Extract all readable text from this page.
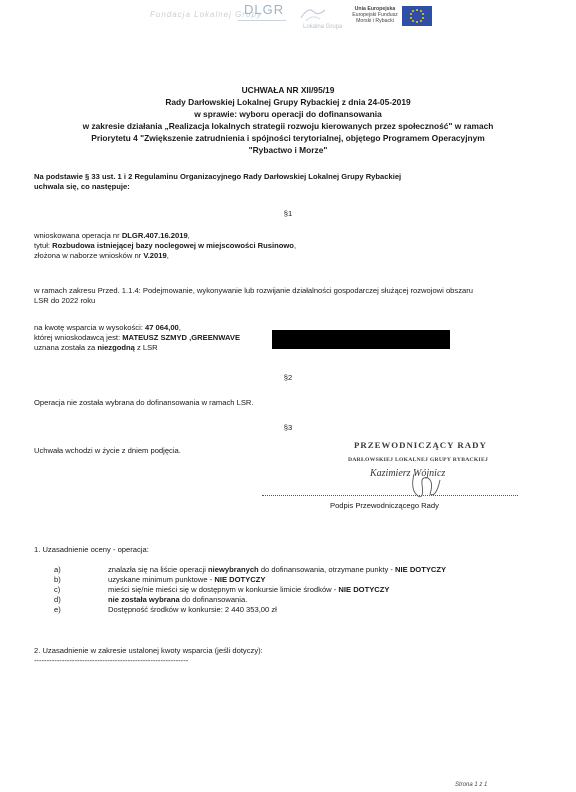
Fundacja Lokalnej Grupy
DLGR
Lokalna Grupa
Unia Europejska
Europejski Fundusz
Morski i Rybacki
UCHWAŁA NR XII/95/19
Rady Darłowskiej Lokalnej Grupy Rybackiej z dnia 24-05-2019
w sprawie: wyboru operacji do dofinansowania
w zakresie działania „Realizacja lokalnych strategii rozwoju kierowanych przez społeczność" w ramach
Priorytetu 4 "Zwiększenie zatrudnienia i spójności terytorialnej, objętego Programem Operacyjnym
"Rybactwo i Morze"
Na podstawie § 33 ust. 1 i 2 Regulaminu Organizacyjnego Rady Darłowskiej Lokalnej Grupy Rybackiej
uchwala się, co następuje:
§1
wnioskowana operacja nr DLGR.407.16.2019,
tytuł: Rozbudowa istniejącej bazy noclegowej w miejscowości Rusinowo,
złożona w naborze wniosków nr V.2019,
w ramach zakresu Przed. 1.1.4: Podejmowanie, wykonywanie lub rozwijanie działalności gospodarczej służącej rozwojowi obszaru
LSR do 2022 roku
na kwotę wsparcia w wysokości: 47 064,00,
której wnioskodawcą jest: MATEUSZ SZMYD ,GREENWAVE
uznana została za niezgodną z LSR
§2
Operacja nie została wybrana do dofinansowania w ramach LSR.
§3
Uchwała wchodzi w życie z dniem podjęcia.
PRZEWODNICZĄCY RADY
DARŁOWSKIEJ LOKALNEJ GRUPY RYBACKIEJ
Kazimierz Wójnicz
Podpis Przewodniczącego Rady
1. Uzasadnienie oceny - operacja:
a)	znalazła się na liście operacji niewybranych do dofinansowania, otrzymane punkty - NIE DOTYCZY
b)	uzyskane minimum punktowe - NIE DOTYCZY
c)	mieści się/nie mieści się w dostępnym w konkursie limicie środków - NIE DOTYCZY
d)	nie została wybrana do dofinansowania.
e)	Dostępność środków w konkursie: 2 440 353,00 zł
2. Uzasadnienie w zakresie ustalonej kwoty wsparcia (jeśli dotyczy):
-------------------------------------------------------------
Strona 1 z 1
